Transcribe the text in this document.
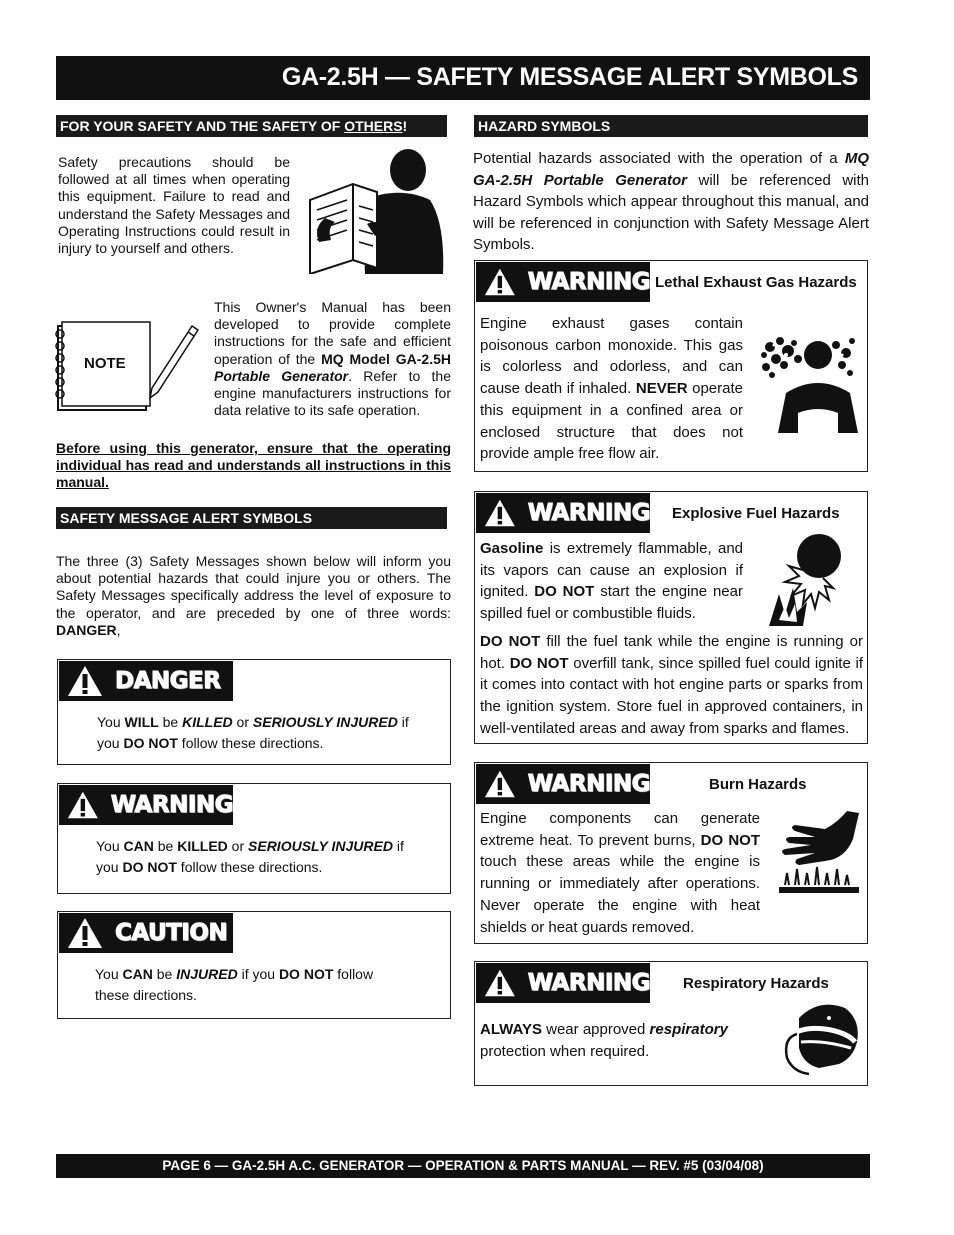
GA-2.5H — SAFETY MESSAGE ALERT SYMBOLS
FOR YOUR SAFETY AND THE SAFETY OF OTHERS!
Safety precautions should be followed at all times when operating this equipment. Failure to read and understand the Safety Messages and Operating Instructions could result in injury to yourself and others.
NOTE
This Owner's Manual has been developed to provide complete instructions for the safe and efficient operation of the MQ Model GA-2.5H Portable Generator. Refer to the engine manufacturers instructions for data relative to its safe operation.
Before using this generator, ensure that the operating individual has read and understands all instructions in this manual.
SAFETY MESSAGE ALERT SYMBOLS
The three (3) Safety Messages shown below will inform you about potential hazards that could injure you or others. The Safety Messages specifically address the level of exposure to the operator, and are preceded by one of three words: DANGER,
DANGER
You WILL be KILLED or SERIOUSLY INJURED if
you DO NOT follow these directions.
WARNING
You CAN be KILLED or SERIOUSLY INJURED if
you DO NOT follow these directions.
CAUTION
You CAN be INJURED if you DO NOT follow
these directions.
HAZARD SYMBOLS
Potential hazards associated with the operation of a MQ GA-2.5H Portable Generator will be referenced with Hazard Symbols which appear throughout this manual, and will be referenced in conjunction with Safety Message Alert Symbols.
WARNING Lethal Exhaust Gas Hazards
Engine exhaust gases contain poisonous carbon monoxide. This gas is colorless and odorless, and can cause death if inhaled. NEVER operate this equipment in a confined area or enclosed structure that does not provide ample free flow air.
WARNING Explosive Fuel Hazards
Gasoline is extremely flammable, and its vapors can cause an explosion if ignited. DO NOT start the engine near spilled fuel or combustible fluids.
DO NOT fill the fuel tank while the engine is running or hot. DO NOT overfill tank, since spilled fuel could ignite if it comes into contact with hot engine parts or sparks from the ignition system. Store fuel in approved containers, in well-ventilated areas and away from sparks and flames.
WARNING	Burn Hazards
Engine components can generate extreme heat. To prevent burns, DO NOT touch these areas while the engine is running or immediately after operations. Never operate the engine with heat shields or heat guards removed.
WARNING Respiratory Hazards
ALWAYS wear approved respiratory
protection when required.
PAGE 6 — GA-2.5H A.C. GENERATOR — OPERATION & PARTS MANUAL — REV. #5 (03/04/08)
